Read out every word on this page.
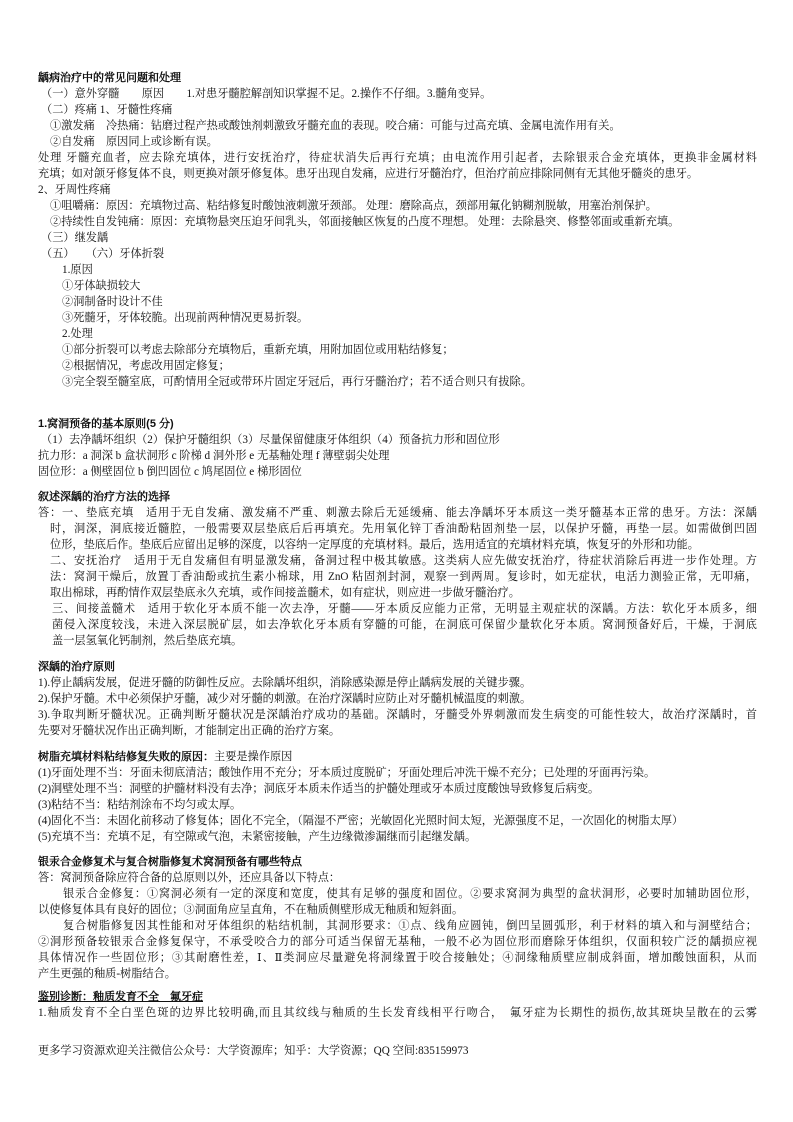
龋病治疗中的常见问题和处理
（一）意外穿髓　　原因　　1.对患牙髓腔解剖知识掌握不足。2.操作不仔细。3.髓角变异。
（二）疼痛 1、牙髓性疼痛
①激发痛　冷热痛：钻磨过程产热或酸蚀剂刺激致牙髓充血的表现。咬合痛：可能与过高充填、金属电流作用有关。
②自发痛　原因同上或诊断有误。
处理 牙髓充血者，应去除充填体，进行安抚治疗，待症状消失后再行充填；由电流作用引起者，去除银汞合金充填体，更换非金属材料
充填；如对颌牙修复体不良，则更换对颌牙修复体。患牙出现自发痛，应进行牙髓治疗，但治疗前应排除同侧有无其他牙髓炎的患牙。
2、牙周性疼痛
①咀嚼痛：原因：充填物过高、粘结修复时酸蚀液刺激牙颈部。 处理：磨除高点，颈部用氟化钠糊剂脱敏，用塞治剂保护。
②持续性自发钝痛：原因：充填物悬突压迫牙间乳头，邻面接触区恢复的凸度不理想。 处理：去除悬突、修整邻面或重新充填。
（三）继发龋
（五）　　（六）牙体折裂
1.原因
①牙体缺损较大
②洞制备时设计不佳
③死髓牙，牙体较脆。出现前两种情况更易折裂。
2.处理
①部分折裂可以考虑去除部分充填物后，重新充填，用附加固位或用粘结修复；
②根据情况，考虑改用固定修复；
③完全裂至髓室底，可酌情用全冠或带环片固定牙冠后，再行牙髓治疗；若不适合则只有拔除。
1.窝洞预备的基本原则(5 分)
（1）去净龋坏组织（2）保护牙髓组织（3）尽量保留健康牙体组织（4）预备抗力形和固位形
抗力形：a 洞深 b 盒状洞形 c 阶梯 d 洞外形 e 无基釉处理 f 薄壁弱尖处理
固位形：a 侧壁固位 b 倒凹固位 c 鸠尾固位 e 梯形固位
叙述深龋的治疗方法的选择
答：一、垫底充填　适用于无自发痛、激发痛不严重、刺激去除后无延缓痛、能去净龋坏牙本质这一类牙髓基本正常的患牙。方法：深龋
时，洞深，洞底接近髓腔，一般需要双层垫底后后再填充。先用氧化锌丁香油酚粘固剂垫一层，以保护牙髓，再垫一层。如需做倒凹固
位形，垫底后作。垫底后应留出足够的深度，以容纳一定厚度的充填材料。最后，选用适宜的充填材料充填，恢复牙的外形和功能。
二、安抚治疗　适用于无自发痛但有明显激发痛，备洞过程中极其敏感。这类病人应先做安抚治疗，待症状消除后再进一步作处理。方
法：窝洞干燥后，放置丁香油酚或抗生素小棉球，用 ZnO 粘固剂封洞，观察一到两周。复诊时，如无症状，电活力测验正常，无叩痛，
取出棉球，再酌情作双层垫底永久充填，或作间接盖髓术，如有症状，则应进一步做牙髓治疗。
三、间接盖髓术　适用于软化牙本质不能一次去净，牙髓——牙本质反应能力正常，无明显主观症状的深龋。方法：软化牙本质多，细
菌侵入深度较浅，未进入深层脱矿层，如去净软化牙本质有穿髓的可能，在洞底可保留少量软化牙本质。窝洞预备好后，干燥，于洞底
盖一层氢氧化钙制剂，然后垫底充填。
深龋的治疗原则
1).停止龋病发展，促进牙髓的防御性反应。去除龋坏组织，消除感染源是停止龋病发展的关键步骤。
2).保护牙髓。术中必须保护牙髓，减少对牙髓的刺激。在治疗深龋时应防止对牙髓机械温度的刺激。
3).争取判断牙髓状况。正确判断牙髓状况是深龋治疗成功的基础。深龋时，牙髓受外界刺激而发生病变的可能性较大，故治疗深龋时，首
先要对牙髓状况作出正确判断，才能制定出正确的治疗方案。
树脂充填材料粘结修复失败的原因：主要是操作原因
(1)牙面处理不当：牙面未彻底清洁；酸蚀作用不充分；牙本质过度脱矿；牙面处理后冲洗干燥不充分；已处理的牙面再污染。
(2)洞壁处理不当：洞壁的护髓材料没有去净；洞底牙本质未作适当的护髓处理或牙本质过度酸蚀导致修复后病变。
(3)粘结不当：粘结剂涂布不均匀或太厚。
(4)固化不当：未固化前移动了修复体；固化不完全，（隔湿不严密；光敏固化光照时间太短，光源强度不足，一次固化的树脂太厚）
(5)充填不当：充填不足，有空隙或气泡，未紧密接触，产生边缘微渗漏继而引起继发龋。
银汞合金修复术与复合树脂修复术窝洞预备有哪些特点
答：窝洞预备除应符合备的总原则以外，还应具备以下特点：
银汞合金修复：①窝洞必须有一定的深度和宽度，使其有足够的强度和固位。②要求窝洞为典型的盒状洞形，必要时加辅助固位形，
以使修复体具有良好的固位；③洞面角应呈直角，不在釉质侧壁形成无釉质和短斜面。
复合树脂修复因其性能和对牙体组织的粘结机制，其洞形要求：①点、线角应圆钝，倒凹呈圆弧形，利于材料的填入和与洞壁结合；
②洞形预备较银汞合金修复保守，不承受咬合力的部分可适当保留无基釉，一般不必为固位形而磨除牙体组织，仅面积较广泛的龋损应视
具体情况作一些固位形；③其耐磨性差，Ⅰ、Ⅱ类洞应尽量避免将洞缘置于咬合接触处；④洞缘釉质壁应制成斜面，增加酸蚀面积，从而
产生更强的釉质-树脂结合。
鉴别诊断：釉质发育不全　氟牙症
1.釉质发育不全白垩色斑的边界比较明确,而且其纹线与釉质的生长发育线相平行吻合，　氟牙症为长期性的损伤,故其斑块呈散在的云雾
更多学习资源欢迎关注微信公众号：大学资源库；知乎：大学资源；QQ 空间:835159973
